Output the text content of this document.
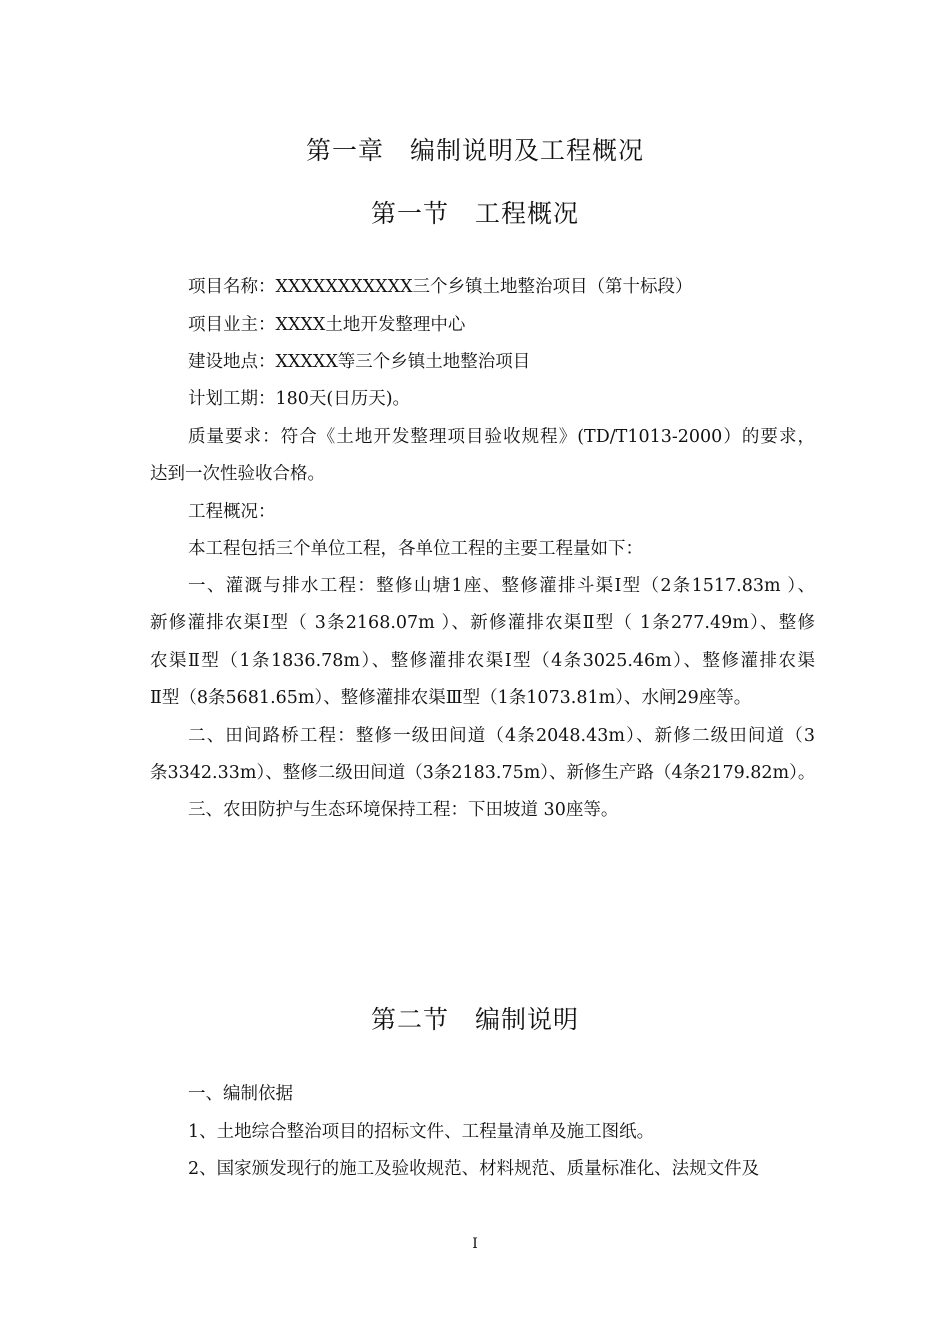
第一章　编制说明及工程概况
第一节　工程概况

项目名称：XXXXXXXXXXX三个乡镇土地整治项目（第十标段）

项目业主：XXXX土地开发整理中心

建设地点：XXXXX等三个乡镇土地整治项目

计划工期：180天(日历天)。

质量要求：符合《土地开发整理项目验收规程》(TD/T1013-2000）的要求，

达到一次性验收合格。

工程概况：

本工程包括三个单位工程，各单位工程的主要工程量如下：

一、灌溉与排水工程：整修山塘1座、整修灌排斗渠Ⅰ型（2条1517.83m ）、

新修灌排农渠Ⅰ型（ 3条2168.07m ）、新修灌排农渠Ⅱ型（ 1条277.49m）、整修

农渠Ⅱ型（1条1836.78m）、整修灌排农渠Ⅰ型（4条3025.46m）、整修灌排农渠

Ⅱ型（8条5681.65m）、整修灌排农渠Ⅲ型（1条1073.81m）、水闸29座等。

二、田间路桥工程：整修一级田间道（4条2048.43m）、新修二级田间道（3

条3342.33m）、整修二级田间道（3条2183.75m）、新修生产路（4条2179.82m）。

三、农田防护与生态环境保持工程：下田坡道 30座等。

第二节　编制说明

一、编制依据

1、土地综合整治项目的招标文件、工程量清单及施工图纸。

2、国家颁发现行的施工及验收规范、材料规范、质量标准化、法规文件及

I
